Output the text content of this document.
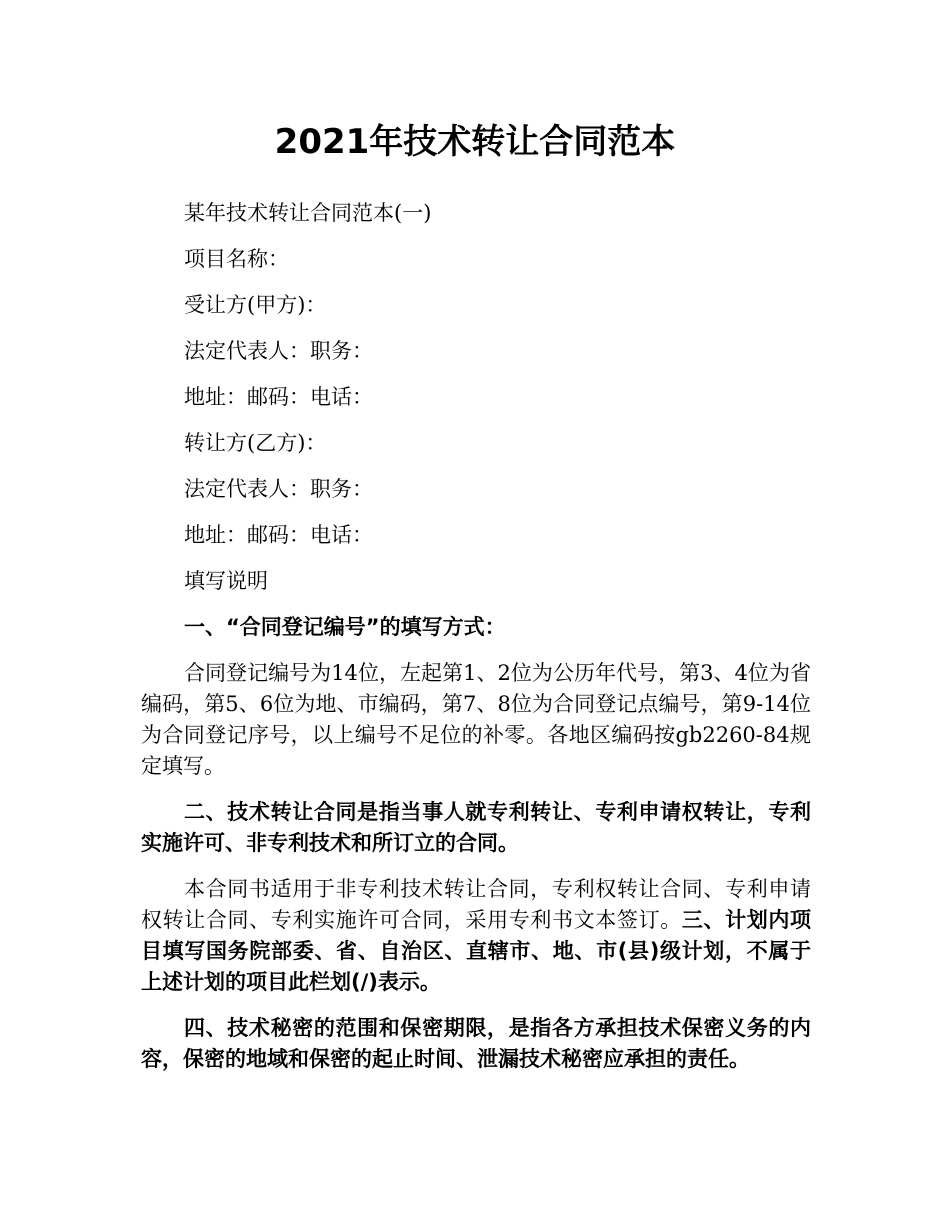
2021年技术转让合同范本

某年技术转让合同范本(一)

项目名称：

受让方(甲方)：

法定代表人：职务：

地址：邮码：电话：

转让方(乙方)：

法定代表人：职务：

地址：邮码：电话：

填写说明

一、“合同登记编号”的填写方式：

合同登记编号为14位，左起第1、2位为公历年代号，第3、4位为省编码，第5、6位为地、市编码，第7、8位为合同登记点编号，第9-14位为合同登记序号，以上编号不足位的补零。各地区编码按gb2260-84规定填写。

二、技术转让合同是指当事人就专利转让、专利申请权转让，专利实施许可、非专利技术和所订立的合同。

本合同书适用于非专利技术转让合同，专利权转让合同、专利申请权转让合同、专利实施许可合同，采用专利书文本签订。三、计划内项目填写国务院部委、省、自治区、直辖市、地、市(县)级计划，不属于上述计划的项目此栏划(/)表示。

四、技术秘密的范围和保密期限，是指各方承担技术保密义务的内容，保密的地域和保密的起止时间、泄漏技术秘密应承担的责任。
